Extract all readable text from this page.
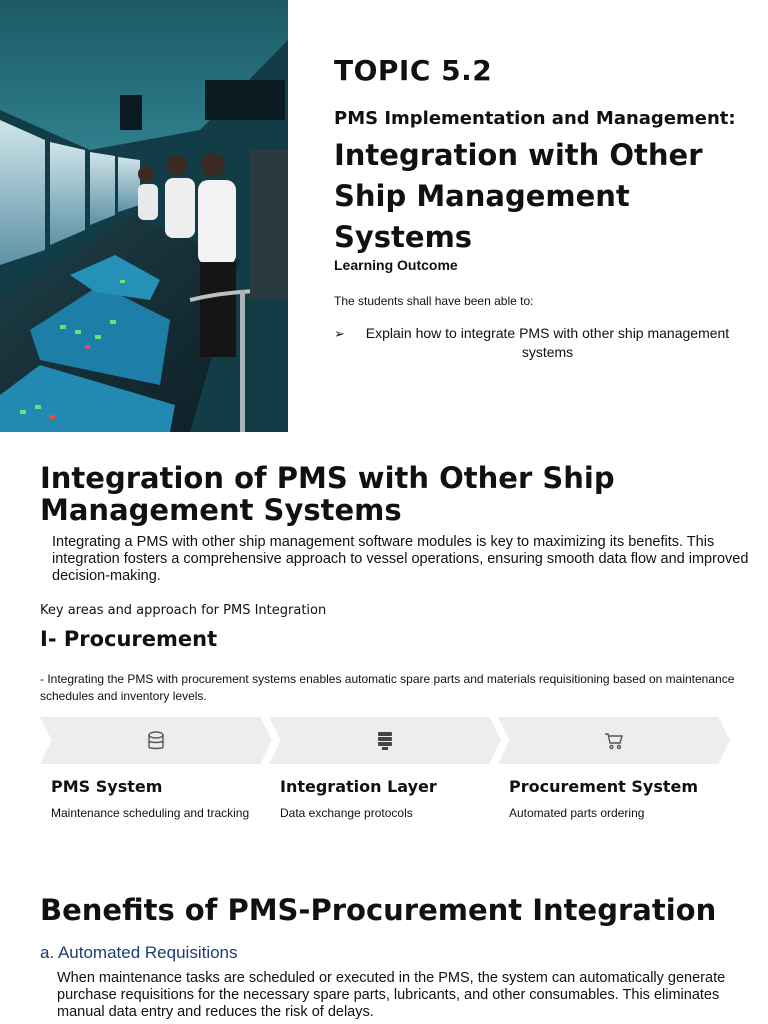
TOPIC 5.2
PMS Implementation and Management: Integration with Other Ship Management Systems
Learning Outcome
The students shall have been able to:
➢	Explain how to integrate PMS with other ship management systems
Integration of PMS with Other Ship Management Systems
Integrating a PMS with other ship management software modules is key to maximizing its benefits. This integration fosters a comprehensive approach to vessel operations, ensuring smooth data flow and improved decision-making.
Key areas and approach for PMS Integration
I- Procurement
- Integrating the PMS with procurement systems enables automatic spare parts and materials requisitioning based on maintenance schedules and inventory levels.
PMS System
Maintenance scheduling and tracking
Integration Layer
Data exchange protocols
Procurement System
Automated parts ordering
Benefits of PMS-Procurement Integration
a. Automated Requisitions
When maintenance tasks are scheduled or executed in the PMS, the system can automatically generate purchase requisitions for the necessary spare parts, lubricants, and other consumables. This eliminates manual data entry and reduces the risk of delays.
